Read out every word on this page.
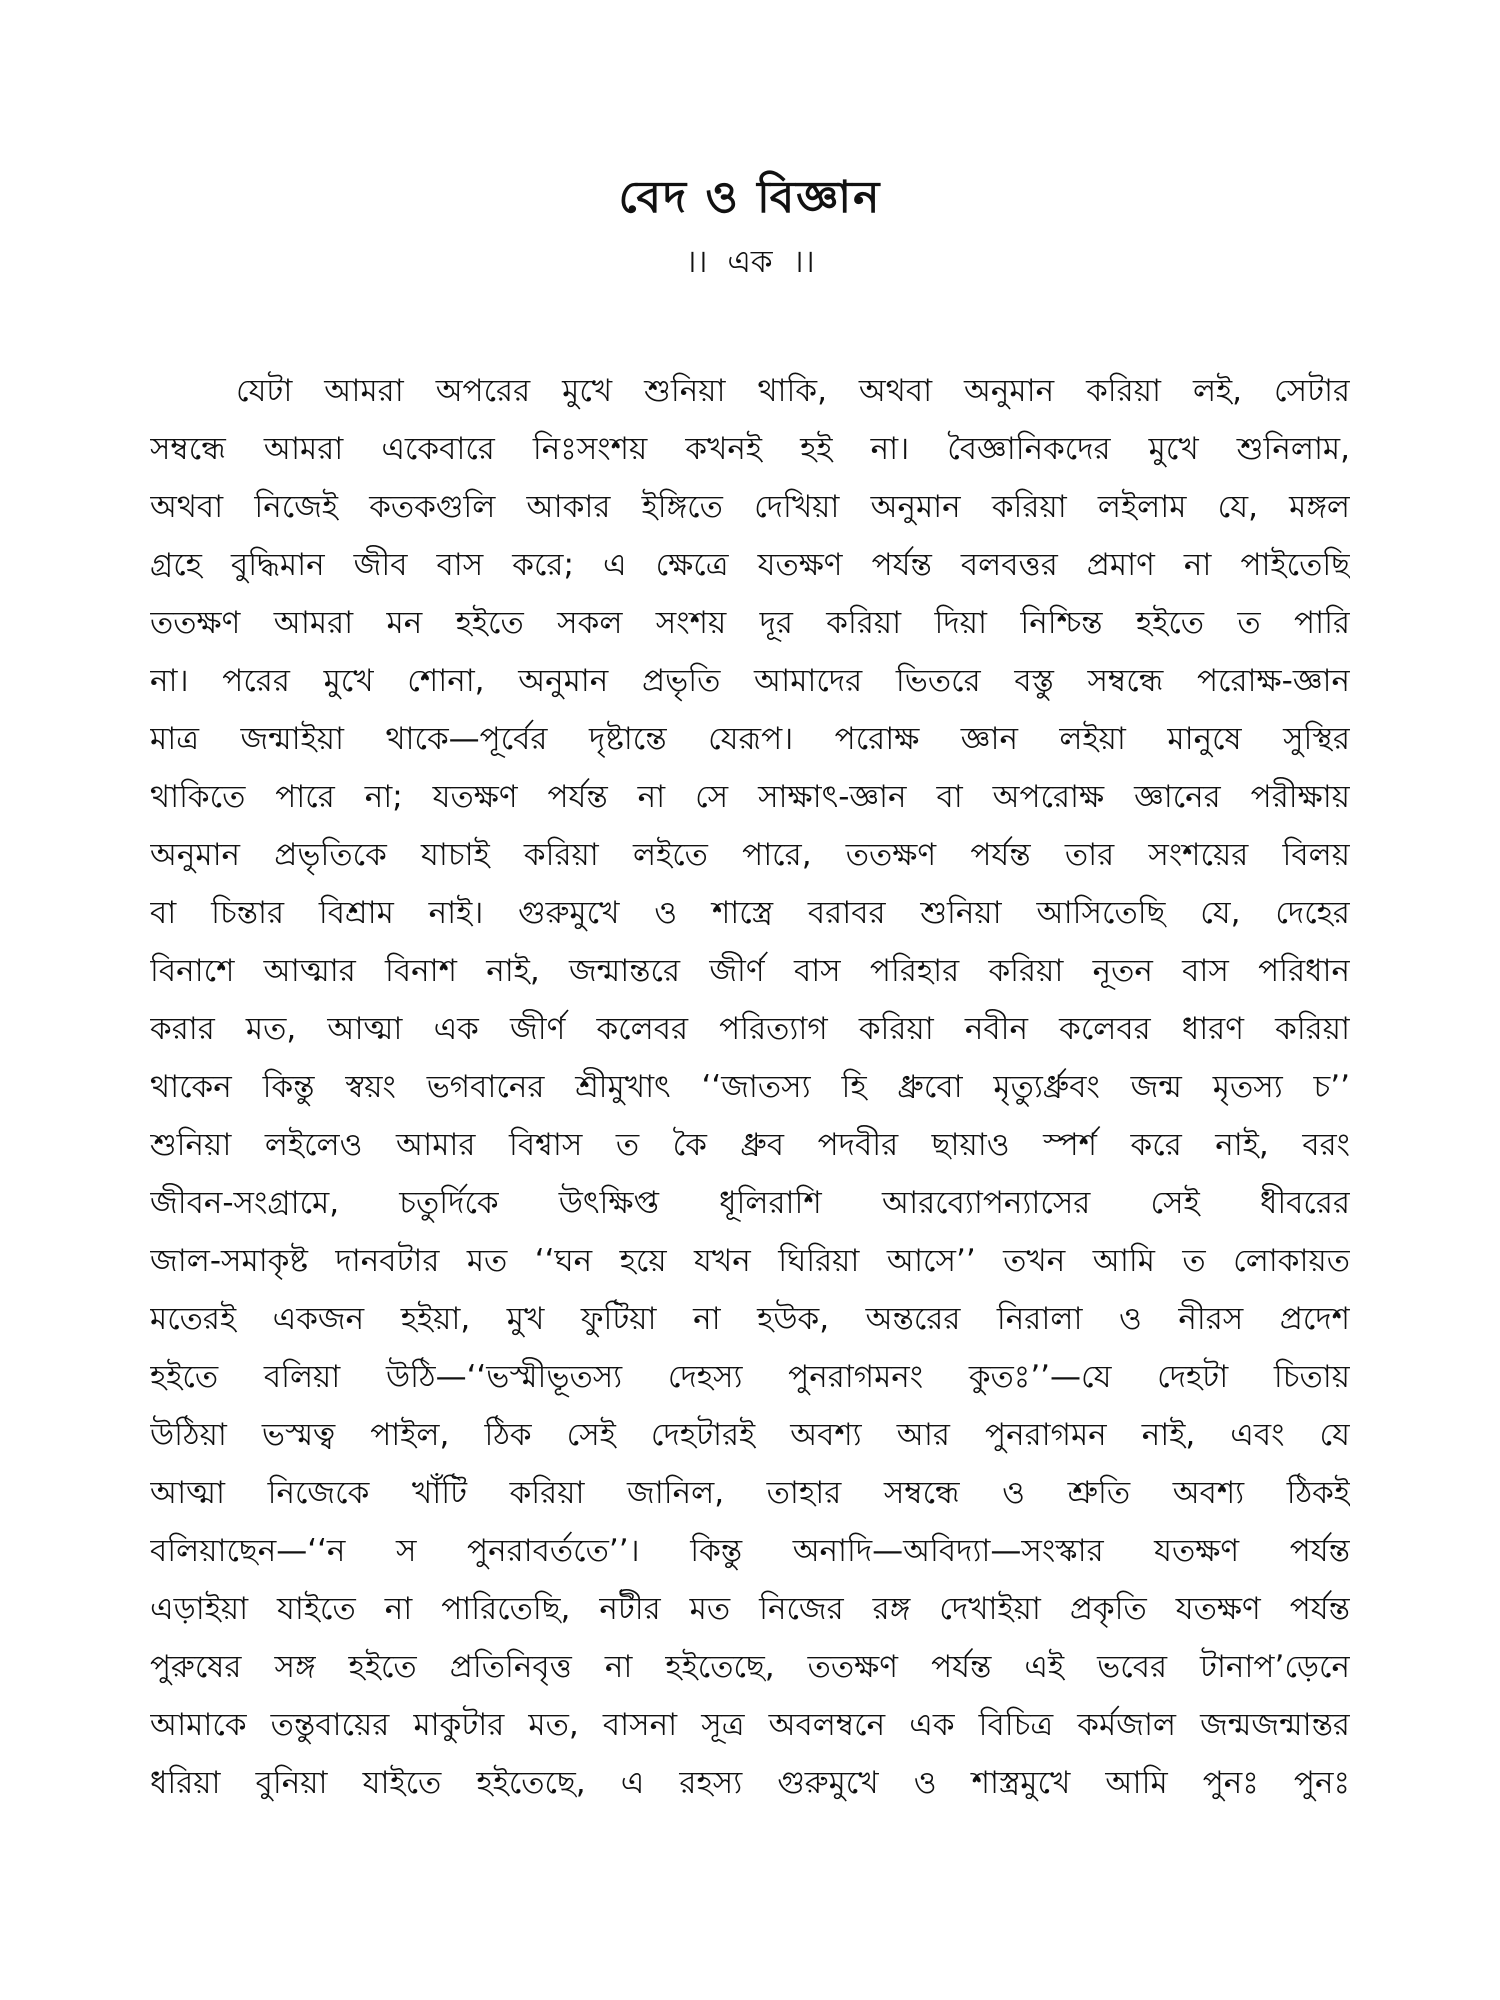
বেদ ও বিজ্ঞান
।। এক ।।
যেটা আমরা অপরের মুখে শুনিয়া থাকি, অথবা অনুমান করিয়া লই, সেটার
সম্বন্ধে আমরা একেবারে নিঃসংশয় কখনই হই না। বৈজ্ঞানিকদের মুখে শুনিলাম,
অথবা নিজেই কতকগুলি আকার ইঙ্গিতে দেখিয়া অনুমান করিয়া লইলাম যে, মঙ্গল
গ্রহে বুদ্ধিমান জীব বাস করে; এ ক্ষেত্রে যতক্ষণ পর্যন্ত বলবত্তর প্রমাণ না পাইতেছি
ততক্ষণ আমরা মন হইতে সকল সংশয় দূর করিয়া দিয়া নিশ্চিন্ত হইতে ত পারি
না। পরের মুখে শোনা, অনুমান প্রভৃতি আমাদের ভিতরে বস্তু সম্বন্ধে পরোক্ষ-জ্ঞান
মাত্র জন্মাইয়া থাকে—পূর্বের দৃষ্টান্তে যেরূপ। পরোক্ষ জ্ঞান লইয়া মানুষে সুস্থির
থাকিতে পারে না; যতক্ষণ পর্যন্ত না সে সাক্ষাৎ-জ্ঞান বা অপরোক্ষ জ্ঞানের পরীক্ষায়
অনুমান প্রভৃতিকে যাচাই করিয়া লইতে পারে, ততক্ষণ পর্যন্ত তার সংশয়ের বিলয়
বা চিন্তার বিশ্রাম নাই। গুরুমুখে ও শাস্ত্রে বরাবর শুনিয়া আসিতেছি যে, দেহের
বিনাশে আত্মার বিনাশ নাই, জন্মান্তরে জীর্ণ বাস পরিহার করিয়া নূতন বাস পরিধান
করার মত, আত্মা এক জীর্ণ কলেবর পরিত্যাগ করিয়া নবীন কলেবর ধারণ করিয়া
থাকেন কিন্তু স্বয়ং ভগবানের শ্রীমুখাৎ ‘‘জাতস্য হি ধ্রুবো মৃত্যুর্ধ্রুবং জন্ম মৃতস্য চ’’
শুনিয়া লইলেও আমার বিশ্বাস ত কৈ ধ্রুব পদবীর ছায়াও স্পর্শ করে নাই, বরং
জীবন-সংগ্রামে, চতুর্দিকে উৎক্ষিপ্ত ধূলিরাশি আরব্যোপন্যাসের সেই ধীবরের
জাল-সমাকৃষ্ট দানবটার মত ‘‘ঘন হয়ে যখন ঘিরিয়া আসে’’ তখন আমি ত লোকায়ত
মতেরই একজন হইয়া, মুখ ফুটিয়া না হউক, অন্তরের নিরালা ও নীরস প্রদেশ
হইতে বলিয়া উঠি—‘‘ভস্মীভূতস্য দেহস্য পুনরাগমনং কুতঃ’’—যে দেহটা চিতায়
উঠিয়া ভস্মত্ব পাইল, ঠিক সেই দেহটারই অবশ্য আর পুনরাগমন নাই, এবং যে
আত্মা নিজেকে খাঁটি করিয়া জানিল, তাহার সম্বন্ধে ও শ্রুতি অবশ্য ঠিকই
বলিয়াছেন—‘‘ন স পুনরাবর্ততে’’। কিন্তু অনাদি—অবিদ্যা—সংস্কার যতক্ষণ পর্যন্ত
এড়াইয়া যাইতে না পারিতেছি, নটীর মত নিজের রঙ্গ দেখাইয়া প্রকৃতি যতক্ষণ পর্যন্ত
পুরুষের সঙ্গ হইতে প্রতিনিবৃত্ত না হইতেছে, ততক্ষণ পর্যন্ত এই ভবের টানাপ’ড়েনে
আমাকে তন্তুবায়ের মাকুটার মত, বাসনা সূত্র অবলম্বনে এক বিচিত্র কর্মজাল জন্মজন্মান্তর
ধরিয়া বুনিয়া যাইতে হইতেছে, এ রহস্য গুরুমুখে ও শাস্ত্রমুখে আমি পুনঃ পুনঃ
